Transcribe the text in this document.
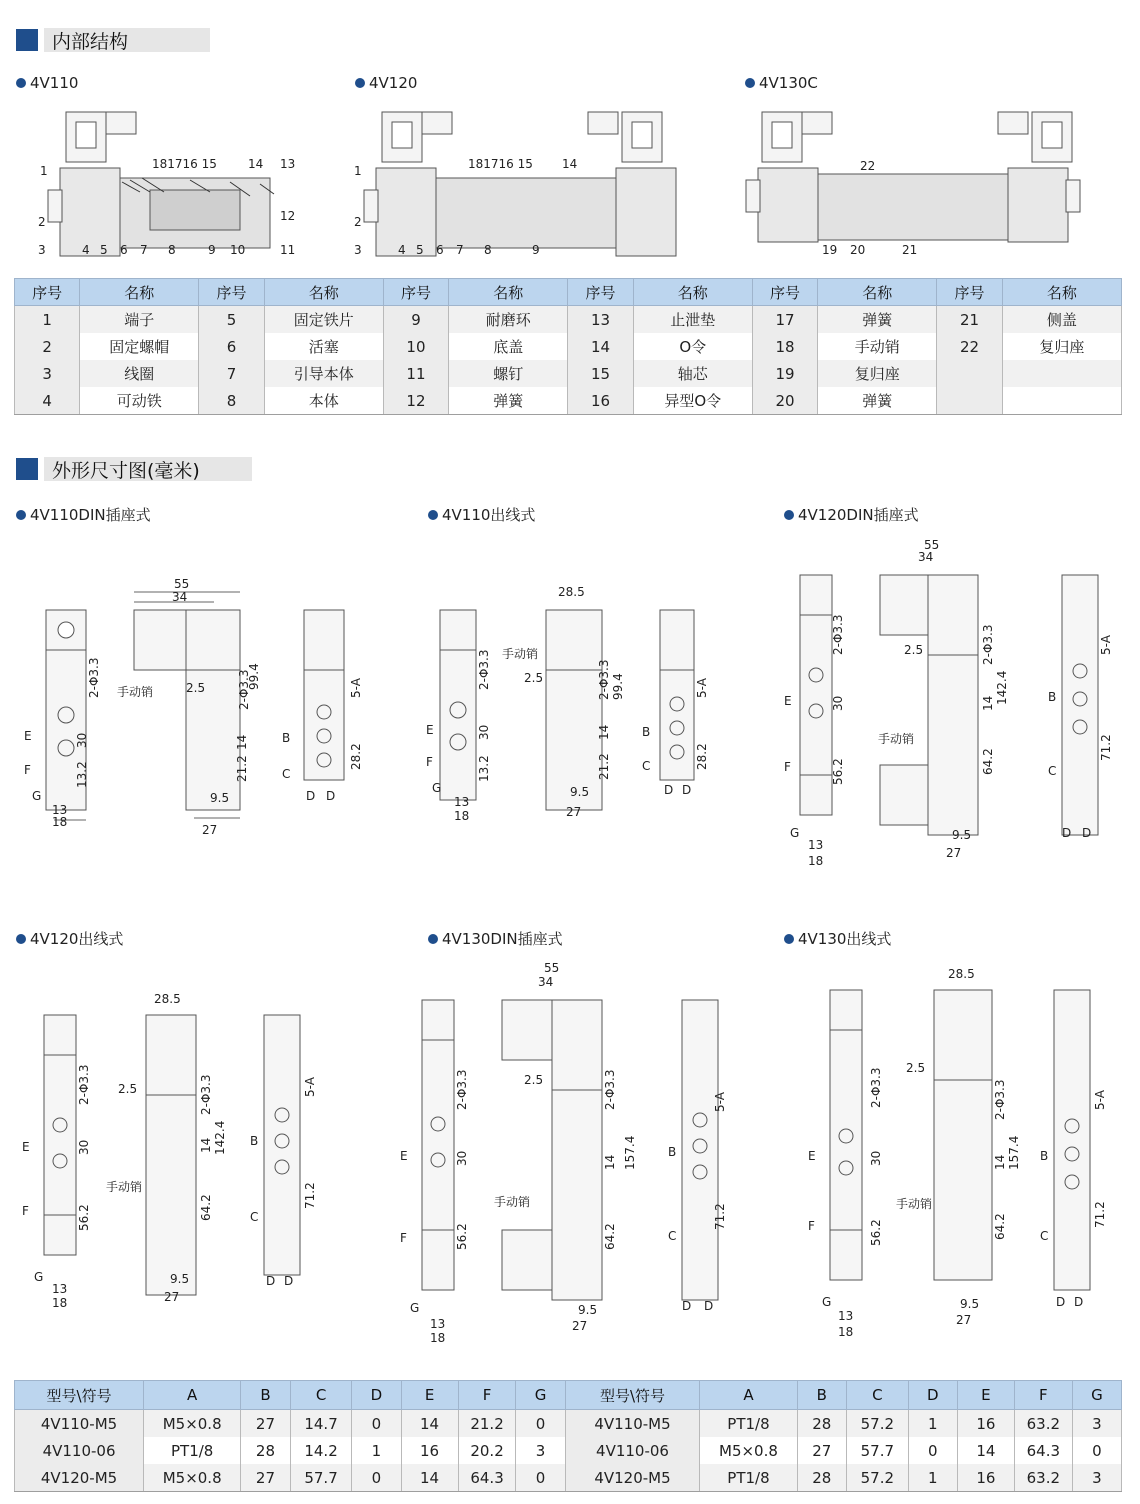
内部结构
4V110	4V120	4V130C
1
2
3
181716 15	14 13
12
4 5 6 7 8	9 10	11
1
2
3
181716 15 14
4 5 6 7 8	9
22
19 20	21
序号	名称	序号	名称	序号	名称	序号	名称	序号	名称	序号	名称
1	端子	5	固定铁片	9	耐磨环	13	止泄垫	17	弹簧	21	侧盖
2	固定螺帽	6	活塞	10	底盖	14	O令	18	手动销	22	复归座
3	线圈	7	引导本体	11	螺钉	15	轴芯	19	复归座		
4	可动铁	8	本体	12	弹簧	16	异型O令	20	弹簧		
外形尺寸图(毫米)
4V110DIN插座式	4V110出线式	4V120DIN插座式
4V120出线式	4V130DIN插座式	4V130出线式
55
34
手动销	2.5
27
9.5
13
18
G
E
F
B
C
D D
2-Φ3.3	2-Φ3.3
99.4
30	14
21.2
13.2
28.2
5-A
28.5
手动销
2.5
27
9.5
13
18
G
E
F
B
C
D D
2-Φ3.3	2-Φ3.3 99.4
30	14
21.2
13.2	28.2
5-A
55
34
2.5
手动销
27
9.5
13
18
G
E
F
B
C
D D
2-Φ3.3	2-Φ3.3
142.4
30	14
64.2
56.2
71.2
5-A
28.5
2.5
手动销
27
9.5
13
18
G
E
F
B
C
D D
2-Φ3.3	2-Φ3.3
142.4
30	14
64.2
56.2
71.2
5-A
55
34
2.5
手动销
27
9.5
13
18
G
E
F
B
C
D D
2-Φ3.3	2-Φ3.3
157.4
30	14
64.2
56.2
71.2
5-A
28.5
2.5
手动销
27
9.5
13
18
G
E
F
B
C
D D
2-Φ3.3	2-Φ3.3
157.4
30	14
64.2
56.2
71.2
5-A
型号\符号	A	B	C	D	E	F	G	型号\符号	A	B	C	D	E	F	G
4V110-M5	M5×0.8	27	14.7	0	14	21.2	0	4V110-M5	PT1/8	28	57.2	1	16	63.2	3
4V110-06	PT1/8	28	14.2	1	16	20.2	3	4V110-06	M5×0.8	27	57.7	0	14	64.3	0
4V120-M5	M5×0.8	27	57.7	0	14	64.3	0	4V120-M5	PT1/8	28	57.2	1	16	63.2	3
